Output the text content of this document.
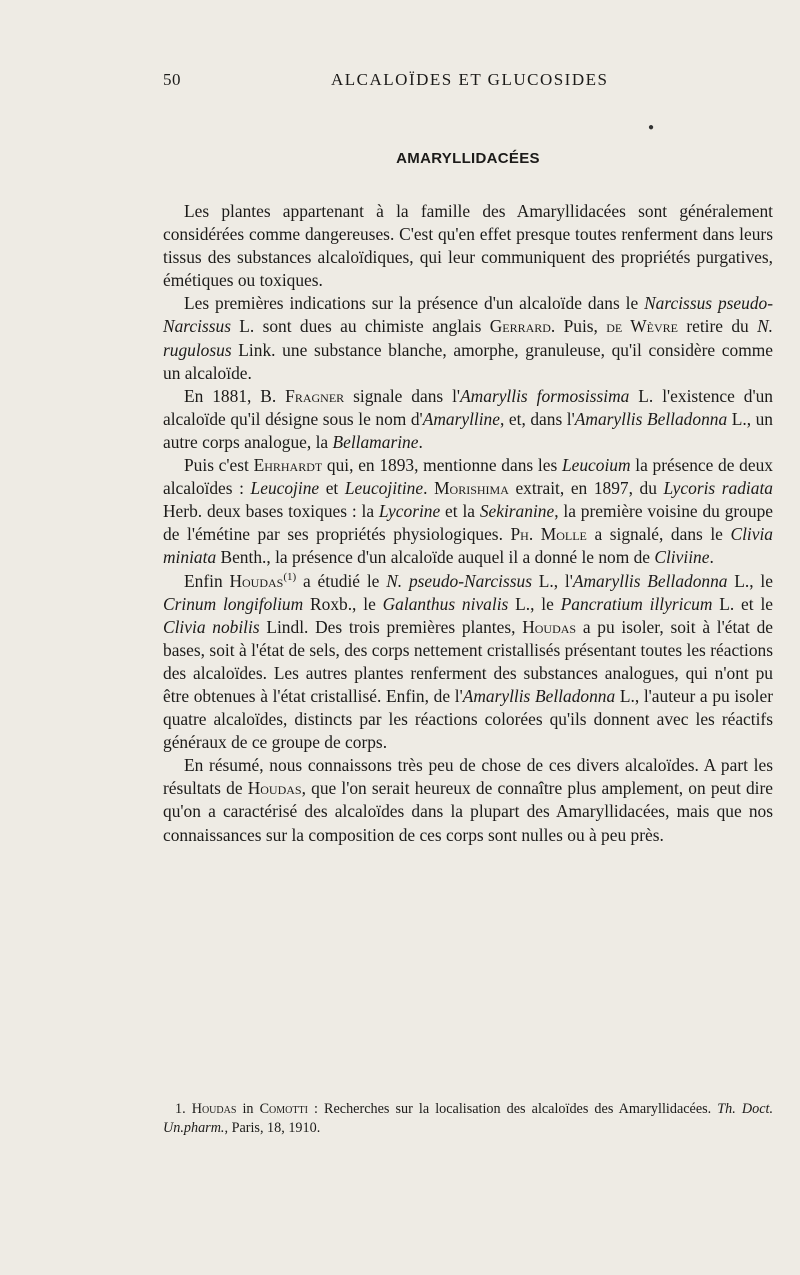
50	ALCALOÏDES ET GLUCOSIDES
●
AMARYLLIDACÉES

Les plantes appartenant à la famille des Amaryllidacées sont généralement considérées comme dangereuses. C'est qu'en effet presque toutes renferment dans leurs tissus des substances alcaloïdiques, qui leur communiquent des propriétés purgatives, émétiques ou toxiques.

Les premières indications sur la présence d'un alcaloïde dans le Narcissus pseudo-Narcissus L. sont dues au chimiste anglais Gerrard. Puis, de Wèvre retire du N. rugulosus Link. une substance blanche, amorphe, granuleuse, qu'il considère comme un alcaloïde.

En 1881, B. Fragner signale dans l'Amaryllis formosissima L. l'existence d'un alcaloïde qu'il désigne sous le nom d'Amarylline, et, dans l'Amaryllis Belladonna L., un autre corps analogue, la Bellamarine.

Puis c'est Ehrhardt qui, en 1893, mentionne dans les Leucoium la présence de deux alcaloïdes : Leucojine et Leucojitine. Morishima extrait, en 1897, du Lycoris radiata Herb. deux bases toxiques : la Lycorine et la Sekiranine, la première voisine du groupe de l'émétine par ses propriétés physiologiques. Ph. Molle a signalé, dans le Clivia miniata Benth., la présence d'un alcaloïde auquel il a donné le nom de Cliviine.

Enfin Houdas$^{(1)}$ a étudié le N. pseudo-Narcissus L., l'Amaryllis Belladonna L., le Crinum longifolium Roxb., le Galanthus nivalis L., le Pancratium illyricum L. et le Clivia nobilis Lindl. Des trois premières plantes, Houdas a pu isoler, soit à l'état de bases, soit à l'état de sels, des corps nettement cristallisés présentant toutes les réactions des alcaloïdes. Les autres plantes renferment des substances analogues, qui n'ont pu être obtenues à l'état cristallisé. Enfin, de l'Amaryllis Belladonna L., l'auteur a pu isoler quatre alcaloïdes, distincts par les réactions colorées qu'ils donnent avec les réactifs généraux de ce groupe de corps.

En résumé, nous connaissons très peu de chose de ces divers alcaloïdes. A part les résultats de Houdas, que l'on serait heureux de connaître plus amplement, on peut dire qu'on a caractérisé des alcaloïdes dans la plupart des Amaryllidacées, mais que nos connaissances sur la composition de ces corps sont nulles ou à peu près.

1. Houdas in Comotti : Recherches sur la localisation des alcaloïdes des Amaryllidacées. Th. Doct. Un.pharm., Paris, 18, 1910.
